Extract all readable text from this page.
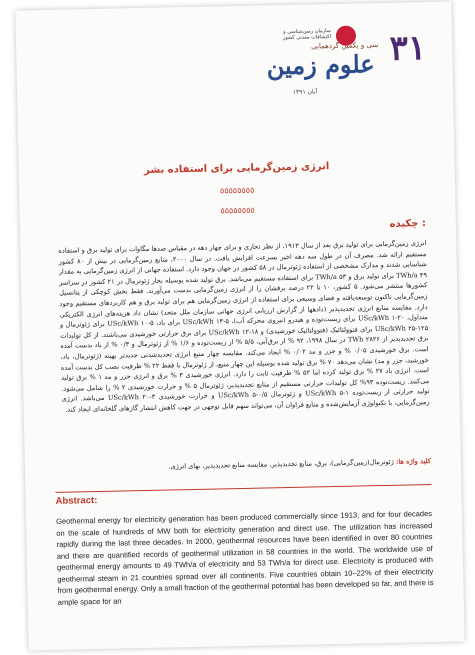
سازمان زمین‌شناسی و اکتشافات معدنی کشور
سی و یکمین گردهمایی
علوم زمین ۳۱
آبان ۱۳۹۱
انرژی زمین‌گرمایی برای استفاده بشر
٥٥٥٥٥٥٥٥
٥٥٥٥٥٥٥٥
چکیده :
انرژی زمین‌گرمایی برای تولید برق بعد از سال ۱۹۱۳، از نظر تجاری و برای چهار دهه در مقیاس صدها مگاوات برای تولید برق و استفاده مستقیم ارائه شد. مصرف آن در طول سه دهه اخیر بسرعت افزایش یافت. در سال ۲۰۰۰، منابع زمین‌گرمایی در بیش از ۸۰ کشور شناسایی شدند و مدارک مشخصی از استفاده ژئوترمال در ۵۸ کشور در جهان وجود دارد. استفاده جهانی از انرژی زمین‌گرمایی به مقدار ۴۹ TWh/a برای تولید برق و ۵۳ TWh/a برای استفاده مستقیم می‌باشد. برق تولید شده بوسیله بخار ژئوترمال در ۲۱ کشور در سراسر کشورها منتشر می‌شود. ۵ کشور، ۱۰ تا ۲۲ درصد برقشان را از انرژی زمین‌گرمایی بدست می‌آورند. فقط بخش کوچکی از پتانسیل زمین‌گرمایی تاکنون توسعه‌یافته و فضای وسیعی برای استفاده از انرژی زمین‌گرمایی هم برای تولید برق و هم کاربردهای مستقیم وجود دارد. مقایسه منابع انرژی تجدیدپذیر (دادهها از گزارش ارزیابی انرژی جهانی سازمان ملل متحد) نشان داد هزینه‌های انرژی الکتریکی متداول، USc/kWh ۱-۲۰ برای زیست‌توده و هیدرو (نیروی محرکه آب)، USc/kWh ۱۳-۵ برای باد، USc/kWh ۱۰-۵ برای ژئوترمال و USc/kWh ۲۵-۱۲۵ برای فتوولتائیک (فتوولتائیک خورشیدی) و USc/kWh ۱۲-۱۸ برای برق حرارتی خورشیدی می‌باشند. از کل تولیدات برق تجدیدپذیر از TWh ۲۸۲۶ در سال ۱۹۹۸، ۹۲ % از برق‌آبی، ۵/۵ % از زیست‌توده و ۱/۶ % از ژئوترمال و ۰/۳ % از باد بدست آمده است. برق خورشیدی ۰/۰۵ % و جزر و مد ۰/۰۲ % ایجاد می‌کند. مقایسه چهار منبع انرژی تجدیدشدنی جدیدتر بهینه (ژئوترمال، باد، خورشید، جزر و مد) نشان می‌دهد ۷۰ % برق تولید شده بوسیله این چهار منبع، از ژئوترمال با فقط ۲۲ % ظرفیت نصب کل بدست آمده است. انرژی باد ۲۷ % برق تولید کرده اما ۵۲ % ظرفیت ثابت را دارد. انرژی خورشیدی ۳ % برق و انرژی جزر و مد ۱ % برق تولید می‌کنند. زیست‌توده ۹۳% کل تولیدات حرارتی مستقیم از منابع تجدیدپذیر، ژئوترمال ۵ % و حرارت خورشیدی ۲ % را شامل می‌شود. تولید حرارتی از زیست‌توده USc/kWh ۵-۱ و ژئوترمال ۰/۵-۵ USc/kWh و حرارت خورشیدی ۳-۲۰ USc/kWh می‌باشد. انرژی زمین‌گرمایی، با تکنولوژی آزمایش‌شده و منابع فراوان آن، می‌تواند سهم قابل توجهی در جهت کاهش انتشار گازهای گلخانه‌ای ایجاد کند.
کلید واژه ها: ژئوترمال(زمین‌گرمایی)، برق، منابع تجدیدپذیر، مقایسه منابع تجدیدپذیر، بهای انرژی.
Abstract:
Geothermal energy for electricity generation has been produced commercially since 1913, and for four decades on the scale of hundreds of MW both for electricity generation and direct use. The utilization has increased rapidly during the last three decades. In 2000, geothermal resources have been identified in over 80 countries and there are quantified records of geothermal utilization in 58 countries in the world. The worldwide use of geothermal energy amounts to 49 TWh/a of electricity and 53 TWh/a for direct use. Electricity is produced with geothermal steam in 21 countries spread over all continents. Five countries obtain 10–22% of their electricity from geothermal energy. Only a small fraction of the geothermal potential has been developed so far, and there is ample space for an
